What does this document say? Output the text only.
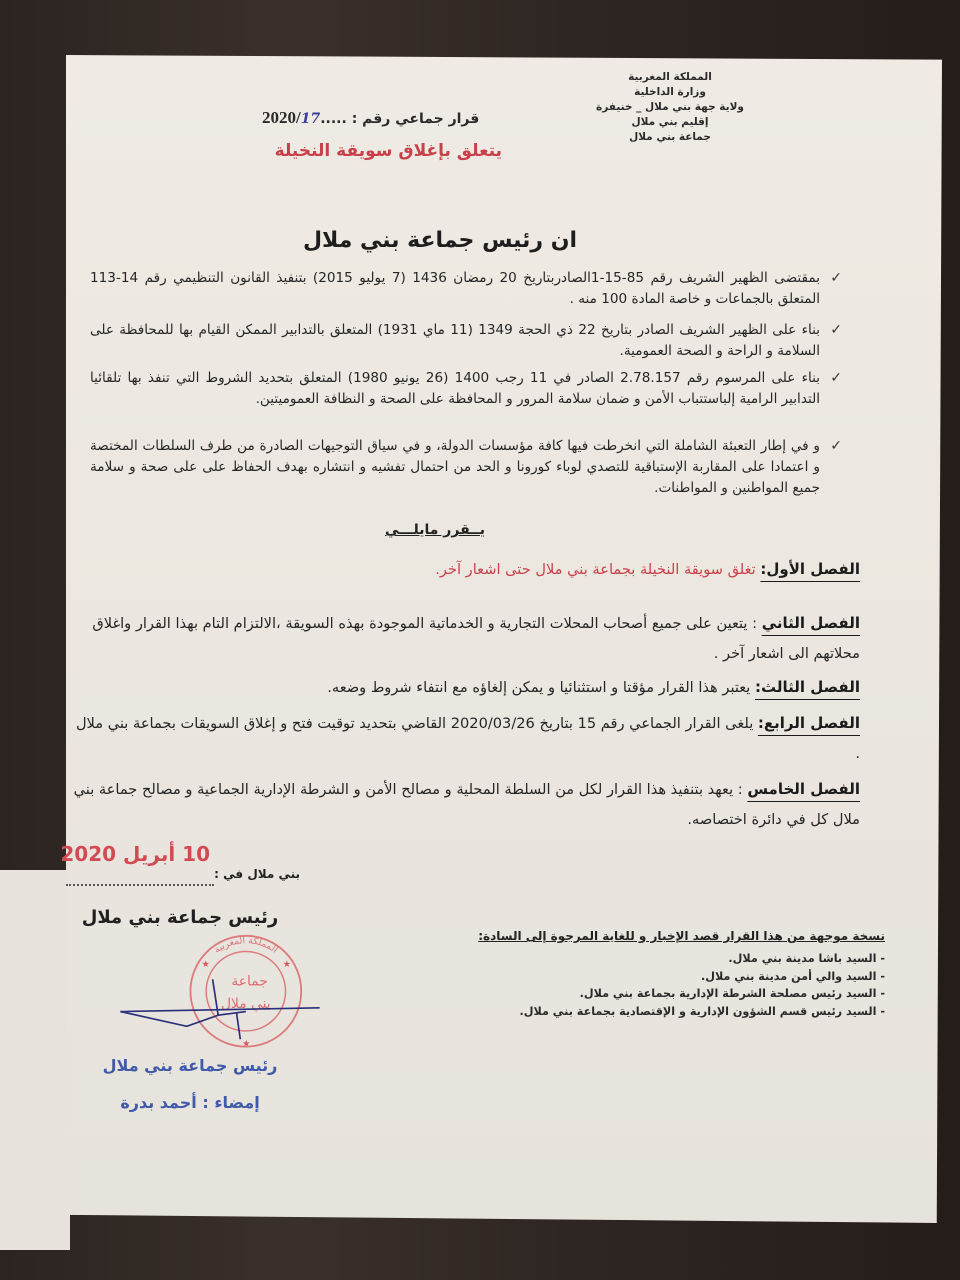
المملكة المغربية
وزارة الداخلية
ولاية جهة بني ملال _ خنيفرة
إقليم بني ملال
جماعة بني ملال
2020/17..... قرار جماعي رقم :
يتعلق بإغلاق سويقة النخيلة
ان رئيس جماعة بني ملال
✓
بمقتضى الظهير الشريف رقم 85-15-1الصادربتاريخ 20 رمضان 1436 (7 يوليو 2015) بتنفيذ القانون التنظيمي رقم 14-113 المتعلق بالجماعات و خاصة المادة 100 منه .
✓
بناء على الظهير الشريف الصادر بتاريخ 22 ذي الحجة 1349 (11 ماي 1931) المتعلق بالتدابير الممكن القيام بها للمحافظة على السلامة و الراحة و الصحة العمومية.
✓
بناء على المرسوم رقم 2.78.157 الصادر في 11 رجب 1400 (26 يونيو 1980) المتعلق بتحديد الشروط التي تنفذ بها تلقائيا التدابير الرامية إلباستتباب الأمن و ضمان سلامة المرور و المحافظة على الصحة و النظافة العموميتين.
✓
و في إطار التعبئة الشاملة التي انخرطت فيها كافة مؤسسات الدولة، و في سياق التوجيهات الصادرة من طرف السلطات المختصة و اعتمادا على المقاربة الإستباقية للتصدي لوباء كورونا و الحد من احتمال تفشيه و انتشاره بهدف الحفاظ على على صحة و سلامة جميع المواطنين و المواطنات.
يــقرر مايلـــي
الفصل الأول: تغلق سويقة النخيلة بجماعة بني ملال حتى اشعار آخر.
الفصل الثاني : يتعين على جميع أصحاب المحلات التجارية و الخدماتية الموجودة بهذه السويقة ،الالتزام التام بهذا القرار واغلاق محلاتهم الى اشعار آخر .
الفصل الثالث: يعتبر هذا القرار مؤقتا و استثنائيا و يمكن إلغاؤه مع انتفاء شروط وضعه.
الفصل الرابع: يلغى القرار الجماعي رقم 15 بتاريخ 2020/03/26 القاضي بتحديد توقيت فتح و إغلاق السويقات بجماعة بني ملال .
الفصل الخامس : يعهد بتنفيذ هذا القرار لكل من السلطة المحلية و مصالح الأمن و الشرطة الإدارية الجماعية و مصالح جماعة بني ملال كل في دائرة اختصاصه.
10 أبريل 2020
بني ملال في :
رئيس جماعة بني ملال
نسخة موجهة من هذا القرار قصد الإخبار و للغاية المرجوة إلى السادة:
- السيد باشا مدينة بني ملال.
- السيد والي أمن مدينة بني ملال.
- السيد رئيس مصلحة الشرطة الإدارية بجماعة بني ملال.
- السيد رئيس قسم الشؤون الإدارية و الإقتصادية بجماعة بني ملال.
المملكة المغربية
جماعة
بني ملال
★	★
★
رئيس جماعة بني ملال
إمضاء : أحمد بدرة
